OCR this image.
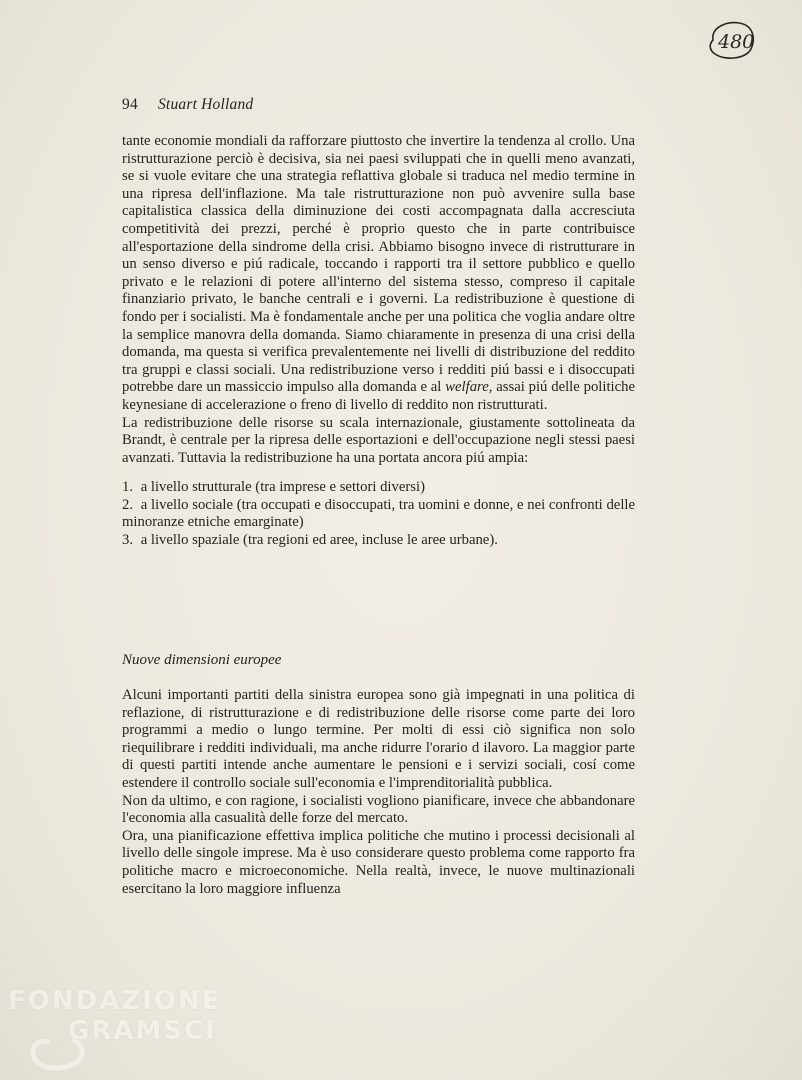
480
94 Stuart Holland

tante economie mondiali da rafforzare piuttosto che invertire la tendenza al crollo. Una ristrutturazione perciò è decisiva, sia nei paesi sviluppati che in quelli meno avanzati, se si vuole evitare che una strategia reflattiva globale si traduca nel medio termine in una ripresa dell'inflazione. Ma tale ristrutturazione non può avvenire sulla base capitalistica classica della diminuzione dei costi accompagnata dalla accresciuta competitività dei prezzi, perché è proprio questo che in parte contribuisce all'esportazione della sindrome della crisi. Abbiamo bisogno invece di ristrutturare in un senso diverso e piú radicale, toccando i rapporti tra il settore pubblico e quello privato e le relazioni di potere all'interno del sistema stesso, compreso il capitale finanziario privato, le banche centrali e i governi. La redistribuzione è questione di fondo per i socialisti. Ma è fondamentale anche per una politica che voglia andare oltre la semplice manovra della domanda. Siamo chiaramente in presenza di una crisi della domanda, ma questa si verifica prevalentemente nei livelli di distribuzione del reddito tra gruppi e classi sociali. Una redistribuzione verso i redditi piú bassi e i disoccupati potrebbe dare un massiccio impulso alla domanda e al welfare, assai piú delle politiche keynesiane di accelerazione o freno di livello di reddito non ristrutturati.

La redistribuzione delle risorse su scala internazionale, giustamente sottolineata da Brandt, è centrale per la ripresa delle esportazioni e dell'occupazione negli stessi paesi avanzati. Tuttavia la redistribuzione ha una portata ancora piú ampia:

1. a livello strutturale (tra imprese e settori diversi)

2. a livello sociale (tra occupati e disoccupati, tra uomini e donne, e nei confronti delle minoranze etniche emarginate)

3. a livello spaziale (tra regioni ed aree, incluse le aree urbane).

Nuove dimensioni europee

Alcuni importanti partiti della sinistra europea sono già impegnati in una politica di reflazione, di ristrutturazione e di redistribuzione delle risorse come parte dei loro programmi a medio o lungo termine. Per molti di essi ciò significa non solo riequilibrare i redditi individuali, ma anche ridurre l'orario d ilavoro. La maggior parte di questi partiti intende anche aumentare le pensioni e i servizi sociali, cosí come estendere il controllo sociale sull'economia e l'imprenditorialità pubblica.

Non da ultimo, e con ragione, i socialisti vogliono pianificare, invece che abbandonare l'economia alla casualità delle forze del mercato.

Ora, una pianificazione effettiva implica politiche che mutino i processi decisionali al livello delle singole imprese. Ma è uso considerare questo problema come rapporto fra politiche macro e microeconomiche. Nella realtà, invece, le nuove multinazionali esercitano la loro maggiore influenza

FONDAZIONE
GRAMSCI
